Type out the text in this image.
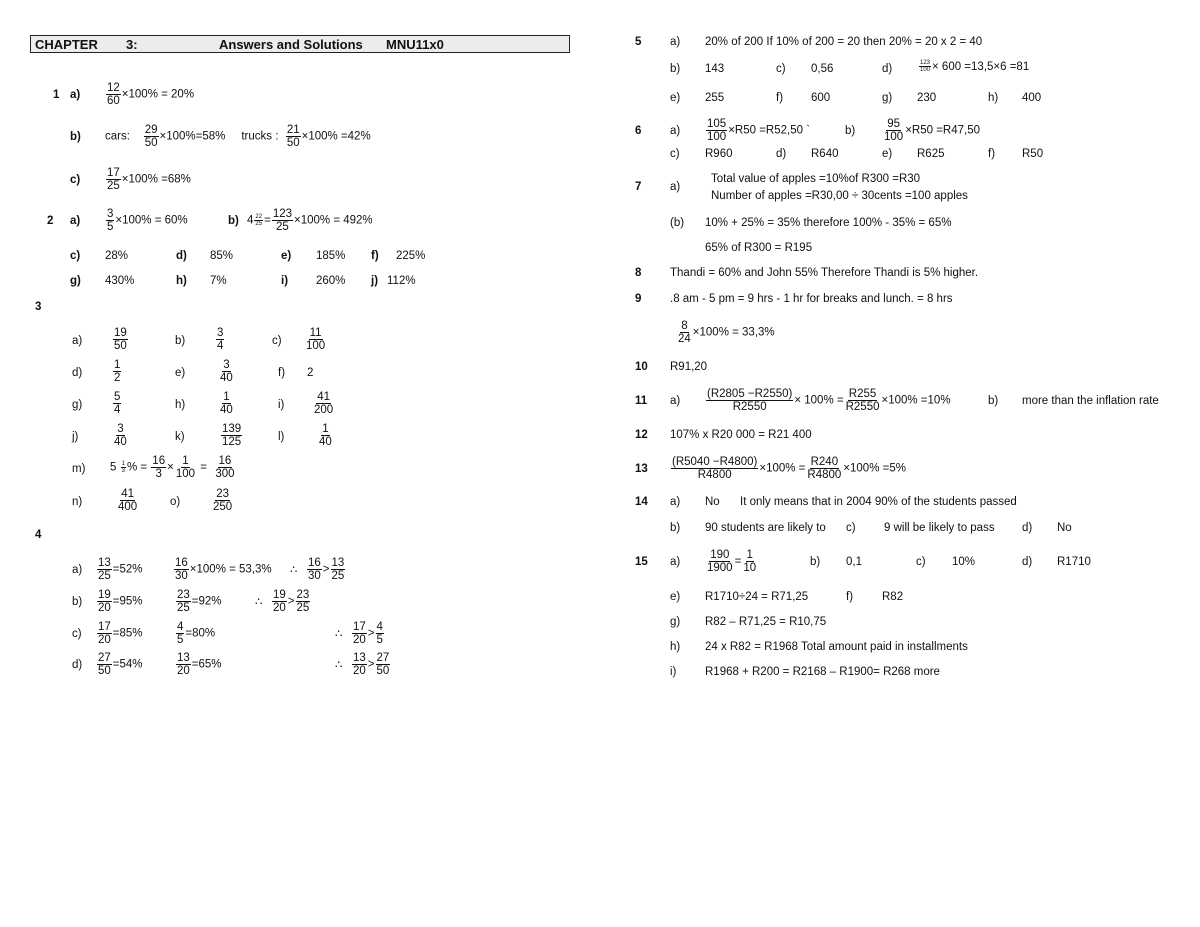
CHAPTER 3:	Answers and Solutions MNU11x0
1 $a) \frac{12}{60} \times 100\% = 20\%$
b) cars: $\frac{29}{50} \times 100\%=58\%$ trucks : $\frac{21}{50} \times 100\% =42\%$
$c) \frac{17}{25} \times 100\% =68\%$
2 $a) \frac{3}{5} \times 100\% = 60\%$	b) $4 \frac{22}{25} = \frac{123}{25} \times 100\% = 492\%$
c) 28%	d) 85%	e) 185% f) 225%
g) 430%	h) 7%	i) 260% j) 112%
3
a)	$\frac{19}{50}$	b)	$\frac{3}{4}$	$c) \frac{11}{100}$
d)	$\frac{1}{2}$	e)	$\frac{3}{40}$	f) 2
g)	$\frac{5}{4}$	h)	$\frac{1}{40}$	$i) \frac{41}{200}$
j)	$\frac{3}{40}$	k)	$\frac{139}{125}$	l)	$\frac{1}{40}$
m) $5 \frac{1}{3}$ % = $\frac{16}{3} \times \frac{1}{100} = \frac{16}{300}$
n)	$\frac{41}{400}$	o)	$\frac{23}{250}$
4
$a) \frac{13}{25} =52\%$	$\frac{16}{30} \times 100\% = 53,3\%$ ∴ $\frac{16}{30} > \frac{13}{25}$
$b) \frac{19}{20} =95\%$	$\frac{23}{25} =92\%$	∴ $\frac{19}{20} > \frac{23}{25}$
$c) \frac{17}{20} =85\%$	$\frac{4}{5} =80\%$	∴ $\frac{17}{20} > \frac{4}{5}$
$d) \frac{27}{50} =54\%$	$\frac{13}{20} =65\%$	∴ $\frac{13}{20} > \frac{27}{50}$
5 a) 20% of 200 If 10% of 200 = 20 then 20% = 20 x 2 = 40
b) 143	c) 0,56	d)	$\frac{123}{100} \times 600 =13,5\times 6 =81$
e) 255	f) 600	g) 230	h) 400
6 $a) \frac{105}{100} \times R50 =R52,50$ `	$b) \frac{95}{100} \times R50 =R47,50$
c) R960	d) R640	e) R625	f) R50
7 a)
Total value of apples =10%of R300 =R30
Number of apples =R30,00 ÷ 30cents =100 apples
(b) 10% + 25% = 35% therefore 100% - 35% = 65%
65% of R300 = R195
8 Thandi = 60% and John 55% Therefore Thandi is 5% higher.
9 .8 am - 5 pm = 9 hrs - 1 hr for breaks and lunch. = 8 hrs
$\frac{8}{24} \times 100\% = 33,3\%$
10 R91,20
11 $a) \frac{(R2805 -R2550)}{R2550} \times 100\% = \frac{R255}{R2550} \times 100\% =10\%$	b) more than the inflation rate
12 107% x R20 000 = R21 400
$13 \frac{(R5040 -R4800)}{R4800} \times 100\% = \frac{R240}{R4800} \times 100\% =5\%$
14 a) No It only means that in 2004 90% of the students passed
b) 90 students are likely to c) 9 will be likely to pass d) No
15 $a) \frac{190}{1900} = \frac{1}{10}$	b) 0,1	c) 10%	d) R1710
e) R1710÷24 = R71,25	f)	R82
g) R82 – R71,25 = R10,75
h) 24 x R82 = R1968 Total amount paid in installments
i) R1968 + R200 = R2168 – R1900= R268 more
